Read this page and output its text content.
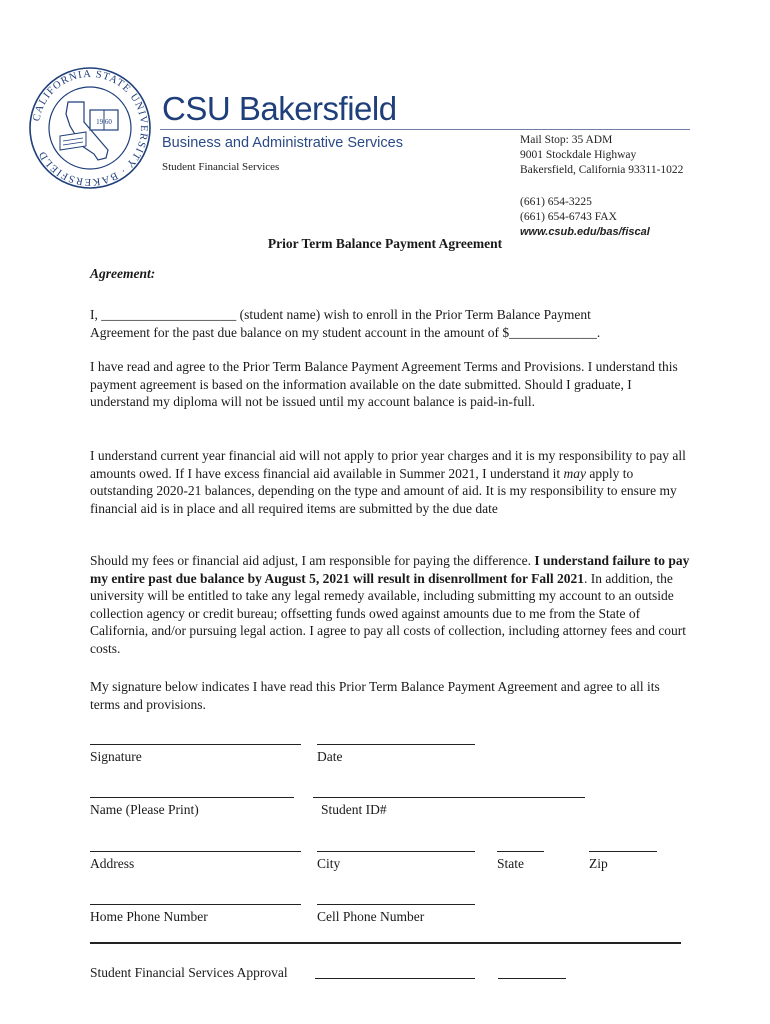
CALIFORNIA STATE UNIVERSITY · BAKERSFIELD
19 60 CSU Bakersfield
Business and Administrative Services
Student Financial Services
Mail Stop: 35 ADM
9001 Stockdale Highway
Bakersfield, California 93311-1022
(661) 654-3225
(661) 654-6743 FAX
www.csub.edu/bas/fiscal
Prior Term Balance Payment Agreement
Agreement:
I, ____________________ (student name) wish to enroll in the Prior Term Balance Payment
Agreement for the past due balance on my student account in the amount of $_____________.
I have read and agree to the Prior Term Balance Payment Agreement Terms and Provisions. I understand this payment agreement is based on the information available on the date submitted. Should I graduate, I understand my diploma will not be issued until my account balance is paid-in-full.
I understand current year financial aid will not apply to prior year charges and it is my responsibility to pay all amounts owed. If I have excess financial aid available in Summer 2021, I understand it may apply to outstanding 2020-21 balances, depending on the type and amount of aid. It is my responsibility to ensure my financial aid is in place and all required items are submitted by the due date
Should my fees or financial aid adjust, I am responsible for paying the difference. I understand failure to pay my entire past due balance by August 5, 2021 will result in disenrollment for Fall 2021. In addition, the university will be entitled to take any legal remedy available, including submitting my account to an outside collection agency or credit bureau; offsetting funds owed against amounts due to me from the State of California, and/or pursuing legal action. I agree to pay all costs of collection, including attorney fees and court costs.
My signature below indicates I have read this Prior Term Balance Payment Agreement and agree to all its terms and provisions.
Signature	Date
Name (Please Print)	Student ID#
Address	City	State	Zip
Home Phone Number	Cell Phone Number
Student Financial Services Approval
